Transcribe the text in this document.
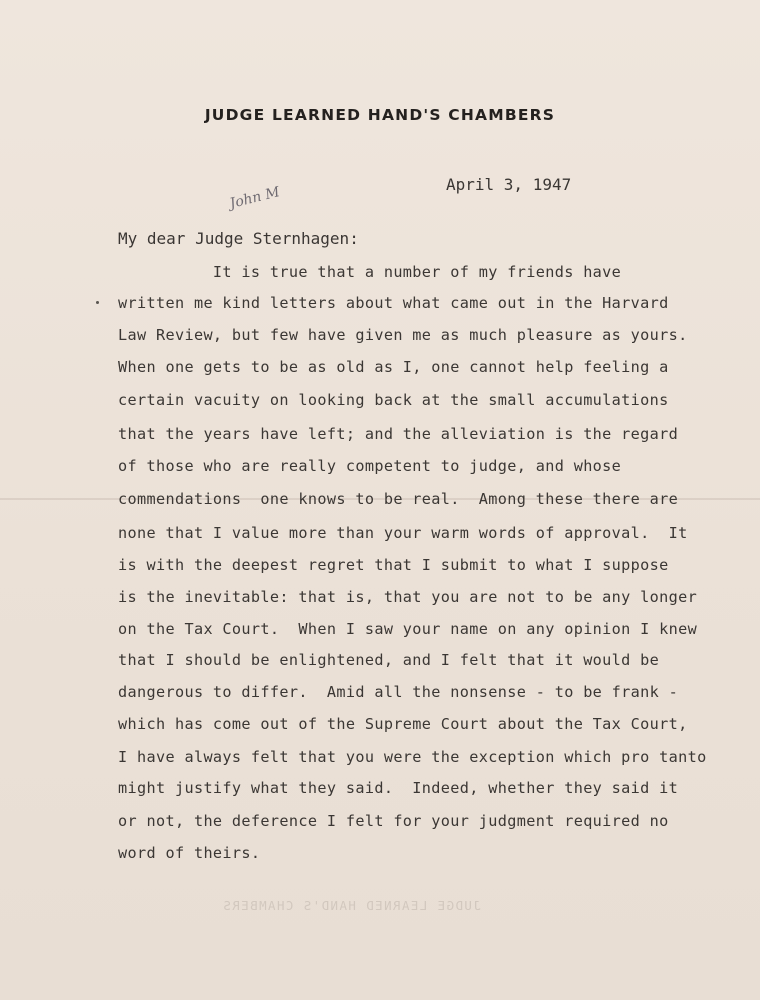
JUDGE LEARNED HAND'S CHAMBERS
April 3, 1947
John M
My dear Judge Sternhagen:
It is true that a number of my friends have
written me kind letters about what came out in the Harvard
Law Review, but few have given me as much pleasure as yours.
When one gets to be as old as I, one cannot help feeling a
certain vacuity on looking back at the small accumulations
that the years have left; and the alleviation is the regard
of those who are really competent to judge, and whose
commendations  one knows to be real.  Among these there are
none that I value more than your warm words of approval.  It
is with the deepest regret that I submit to what I suppose
is the inevitable: that is, that you are not to be any longer
on the Tax Court.  When I saw your name on any opinion I knew
that I should be enlightened, and I felt that it would be
dangerous to differ.  Amid all the nonsense - to be frank -
which has come out of the Supreme Court about the Tax Court,
I have always felt that you were the exception which pro tanto
might justify what they said.  Indeed, whether they said it
or not, the deference I felt for your judgment required no
word of theirs.
JUDGE LEARNED HAND'S CHAMBERS
